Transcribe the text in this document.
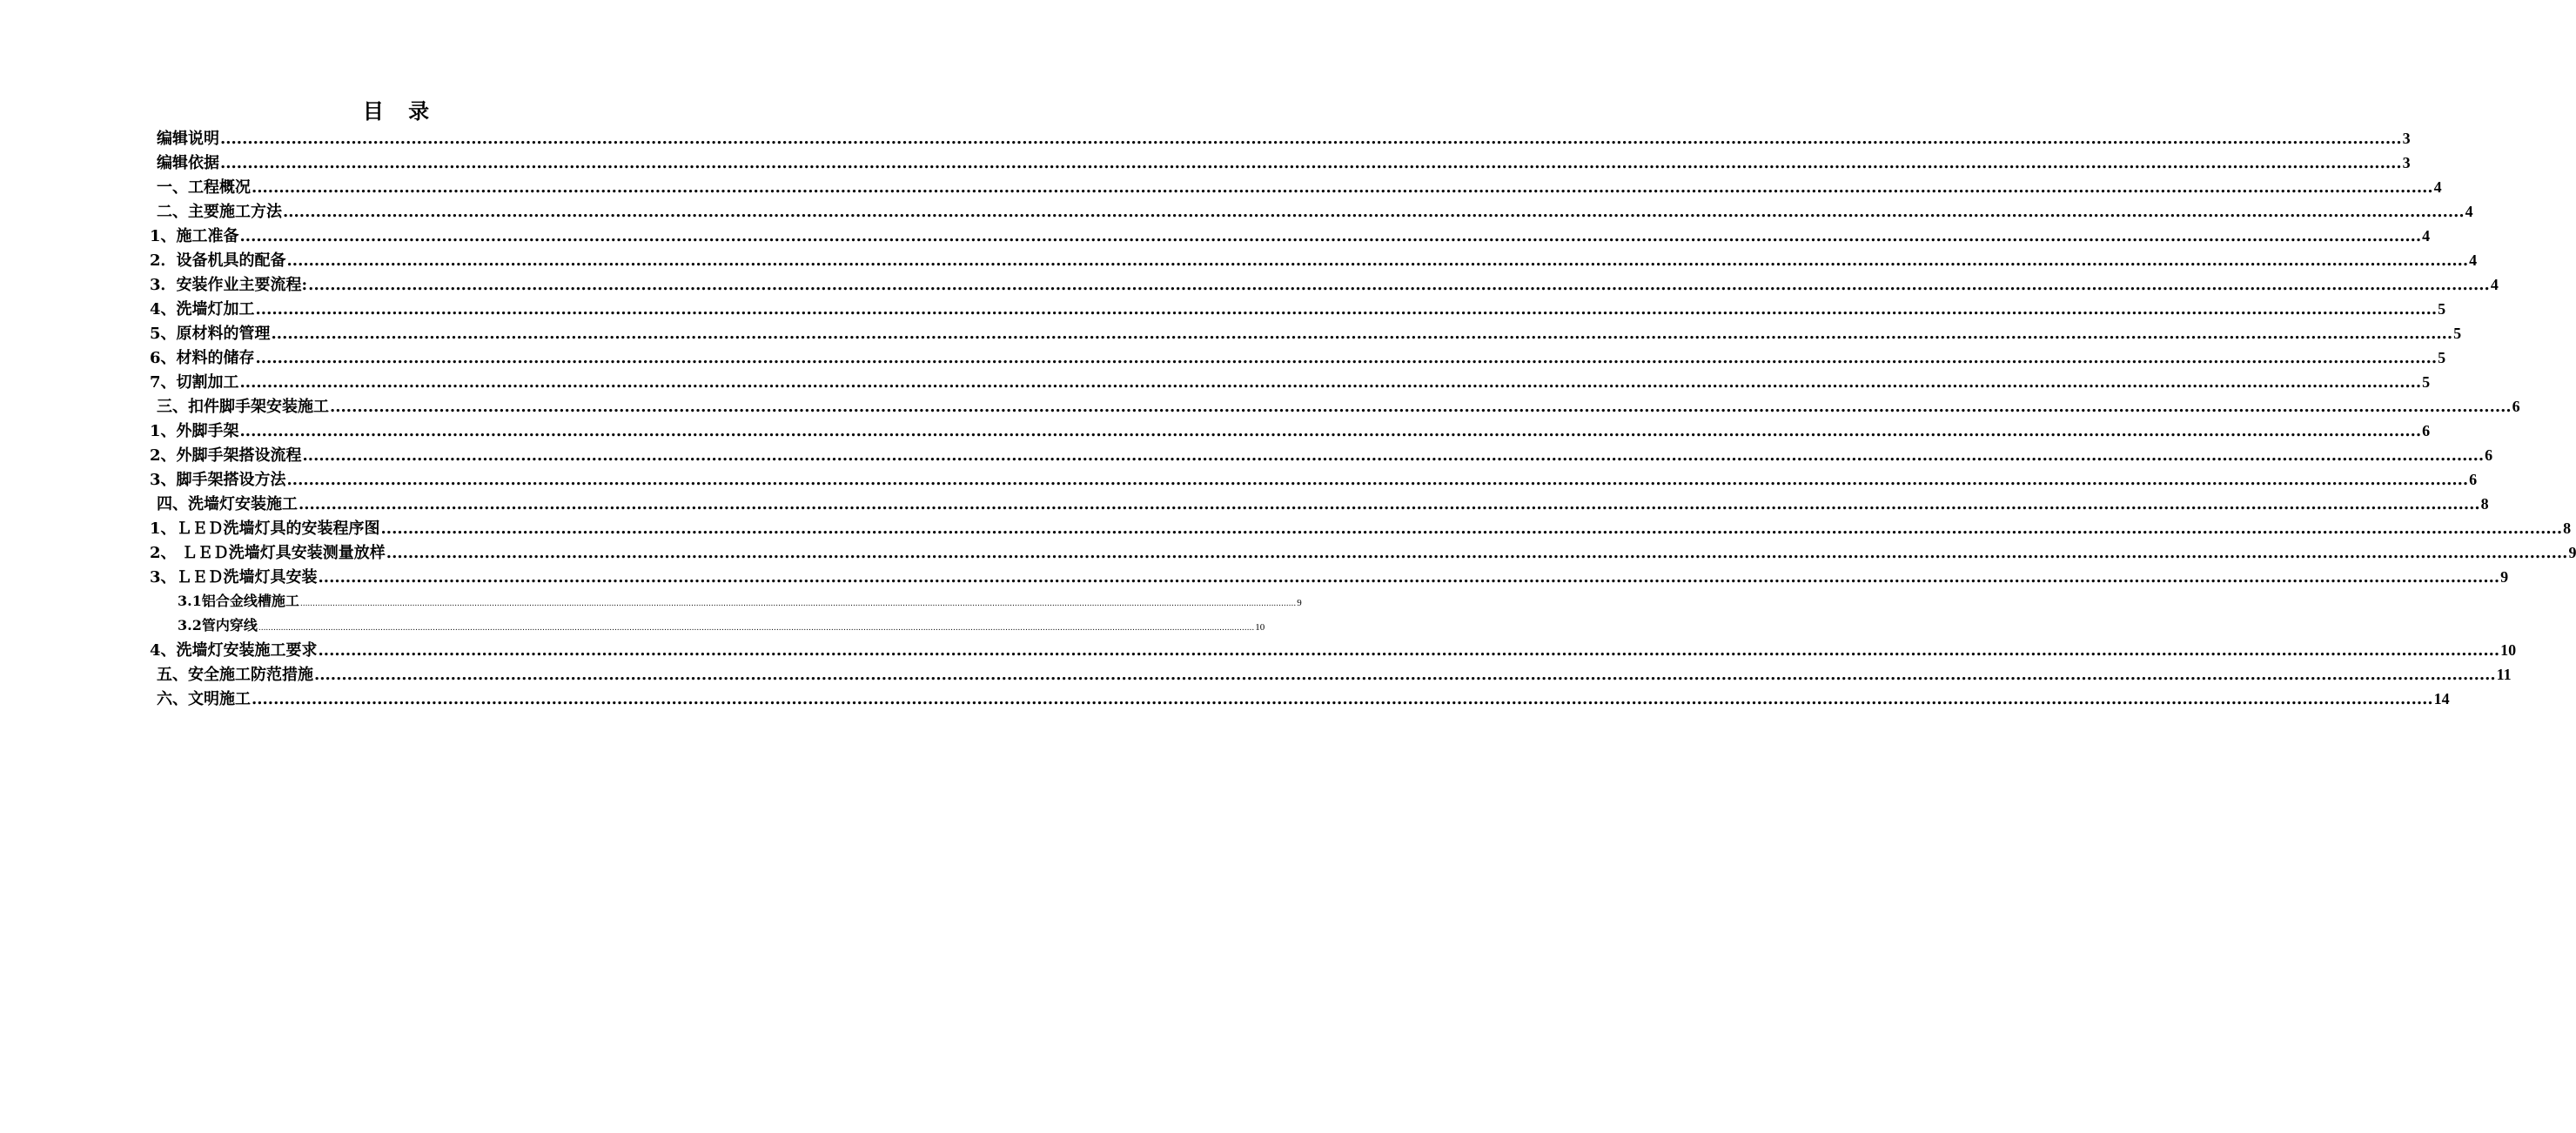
目 录
编辑说明 ................................................................................................................................................................................................................................................................................................................................................................................................................ 3
编辑依据 ................................................................................................................................................................................................................................................................................................................................................................................................................ 3
一、工程概况 ................................................................................................................................................................................................................................................................................................................................................................................................................ 4
二、主要施工方法 ................................................................................................................................................................................................................................................................................................................................................................................................................ 4
1、施工准备 ................................................................................................................................................................................................................................................................................................................................................................................................................ 4
2．设备机具的配备 ................................................................................................................................................................................................................................................................................................................................................................................................................ 4
3．安装作业主要流程: ................................................................................................................................................................................................................................................................................................................................................................................................................ 4
4、洗墙灯加工 ................................................................................................................................................................................................................................................................................................................................................................................................................ 5
5、原材料的管理 ................................................................................................................................................................................................................................................................................................................................................................................................................ 5
6、材料的储存 ................................................................................................................................................................................................................................................................................................................................................................................................................ 5
7、切割加工 ................................................................................................................................................................................................................................................................................................................................................................................................................ 5
三、扣件脚手架安装施工 ................................................................................................................................................................................................................................................................................................................................................................................................................ 6
1、外脚手架 ................................................................................................................................................................................................................................................................................................................................................................................................................ 6
2、外脚手架搭设流程 ................................................................................................................................................................................................................................................................................................................................................................................................................ 6
3、脚手架搭设方法 ................................................................................................................................................................................................................................................................................................................................................................................................................ 6
四、洗墙灯安装施工 ................................................................................................................................................................................................................................................................................................................................................................................................................ 8
1、ＬＥＤ洗墙灯具的安装程序图 ................................................................................................................................................................................................................................................................................................................................................................................................................ 8
2、 ＬＥＤ洗墙灯具安装测量放样 ................................................................................................................................................................................................................................................................................................................................................................................................................ 9
3、ＬＥＤ洗墙灯具安装 ................................................................................................................................................................................................................................................................................................................................................................................................................ 9
3.1铝合金线槽施工 ................................................................................................................................................................................................................................................................................................................................................................................................................ 9
3.2管内穿线 ................................................................................................................................................................................................................................................................................................................................................................................................................ 10
4、洗墙灯安装施工要求 ................................................................................................................................................................................................................................................................................................................................................................................................................ 10
五、安全施工防范措施 ................................................................................................................................................................................................................................................................................................................................................................................................................ 11
六、文明施工 ................................................................................................................................................................................................................................................................................................................................................................................................................ 14
